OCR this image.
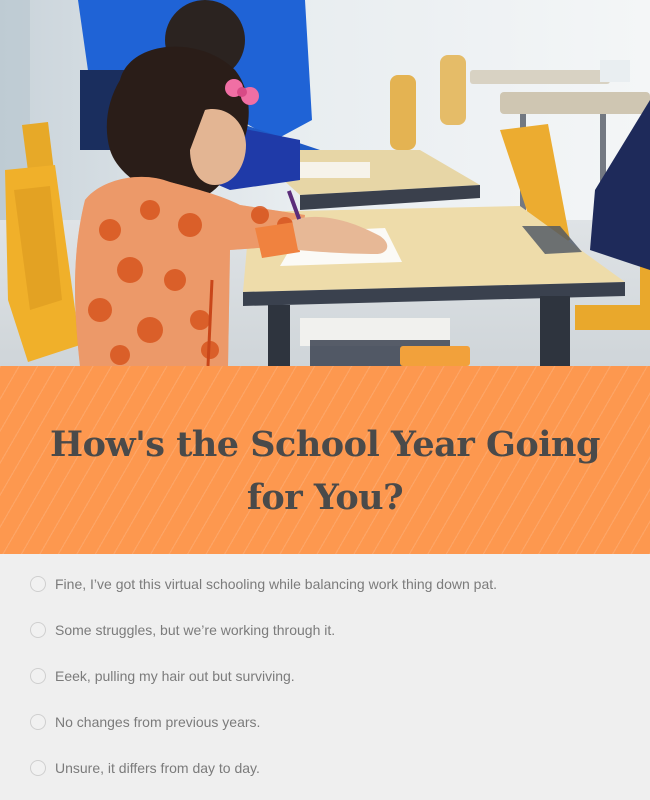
How's the School Year Going for You?
Fine, I’ve got this virtual schooling while balancing work thing down pat.
Some struggles, but we’re working through it.
Eeek, pulling my hair out but surviving.
No changes from previous years.
Unsure, it differs from day to day.
